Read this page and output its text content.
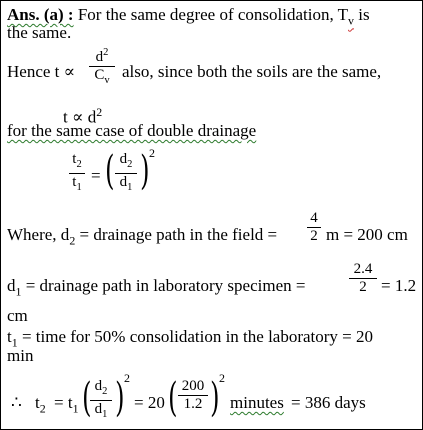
Ans. (a) : For the same degree of consolidation, $T_v$ is
the same.
Hence t ∝
$d^2$
$C_v$ also, since both the soils are the same,
$t \propto d^2$
for the same case of double drainage
$t_2$
$t_1$
= ( $d_2$
$d_1$ ) 2
Where, $d_2$ = drainage path in the field =
4
2 m = 200 cm
$d_1$ = drainage path in laboratory specimen =
2.4
2 = 1.2
cm
$t_1$ = time for 50% consolidation in the laboratory = 20
min
∴ $t_2 = t_1$ ( $d_2$
$d_1$ ) 2
= 20 ( 200
1.2 ) 2
minutes = 386 days
